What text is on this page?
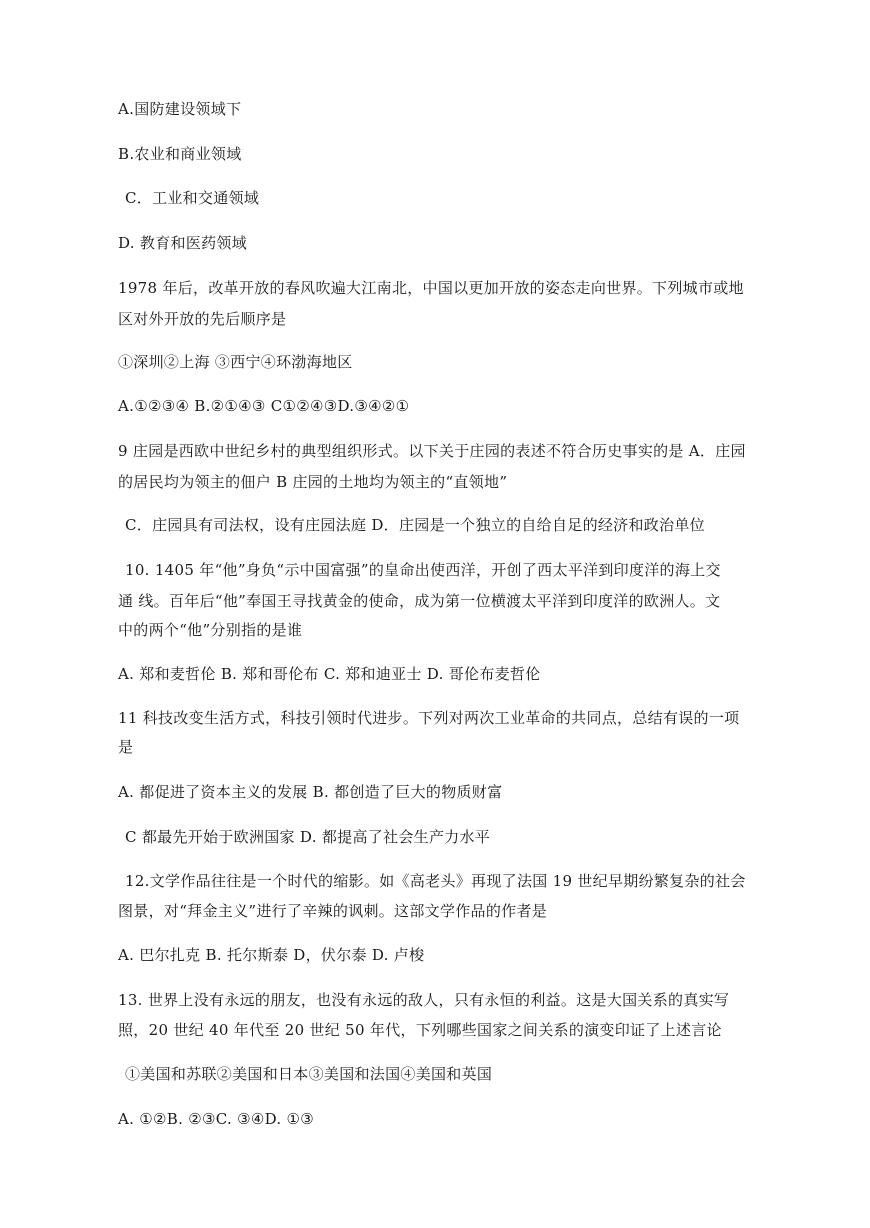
A.国防建设领域下
B.农业和商业领域
C．工业和交通领域
D. 教育和医药领域
1978 年后，改革开放的春风吹遍大江南北，中国以更加开放的姿态走向世界。下列城市或地
区对外开放的先后顺序是
①深圳②上海 ③西宁④环渤海地区
A.①②③④ B.②①④③ C①②④③D.③④②①
9 庄园是西欧中世纪乡村的典型组织形式。以下关于庄园的表述不符合历史事实的是 A．庄园
的居民均为领主的佃户 B 庄园的土地均为领主的“直领地”
C．庄园具有司法权，设有庄园法庭 D．庄园是一个独立的自给自足的经济和政治单位
10. 1405 年“他”身负“示中国富强”的皇命出使西洋，开创了西太平洋到印度洋的海上交
通 线。百年后“他”奉国王寻找黄金的使命，成为第一位横渡太平洋到印度洋的欧洲人。文
中的两个“他”分别指的是谁
A. 郑和麦哲伦 B. 郑和哥伦布 C. 郑和迪亚士 D. 哥伦布麦哲伦
11 科技改变生活方式，科技引领时代进步。下列对两次工业革命的共同点，总结有误的一项
是
A. 都促进了资本主义的发展 B. 都创造了巨大的物质财富
C 都最先开始于欧洲国家 D. 都提高了社会生产力水平
12.文学作品往往是一个时代的缩影。如《高老头》再现了法国 19 世纪早期纷繁复杂的社会
图景，对“拜金主义”进行了辛辣的讽刺。这部文学作品的作者是
A. 巴尔扎克 B. 托尔斯泰 D，伏尔泰 D. 卢梭
13. 世界上没有永远的朋友，也没有永远的敌人，只有永恒的利益。这是大国关系的真实写
照，20 世纪 40 年代至 20 世纪 50 年代，下列哪些国家之间关系的演变印证了上述言论
①美国和苏联②美国和日本③美国和法国④美国和英国
A. ①②B. ②③C. ③④D. ①③
